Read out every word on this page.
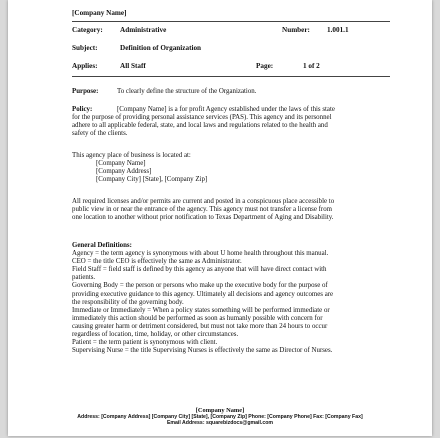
[Company Name]
Category: Administrative	Number: 1.001.1
Subject:	Definition of Organization
Applies:	All Staff	Page:	1 of 2

Purpose:	To clearly define the structure of the Organization.

Policy:	[Company Name] is a for profit Agency established under the laws of this state

for the purpose of providing personal assistance services (PAS). This agency and its personnel

adhere to all applicable federal, state, and local laws and regulations related to the health and

safety of the clients.

This agency place of business is located at:

[Company Name]

[Company Address]

[Company City] [State], [Company Zip]

All required licenses and/or permits are current and posted in a conspicuous place accessible to

public view in or near the entrance of the agency. This agency must not transfer a license from

one location to another without prior notification to Texas Department of Aging and Disability.

General Definitions:

Agency = the term agency is synonymous with about U home health throughout this manual.

CEO = the title CEO is effectively the same as Administrator.

Field Staff = field staff is defined by this agency as anyone that will have direct contact with

patients.

Governing Body = the person or persons who make up the executive body for the purpose of

providing executive guidance to this agency. Ultimately all decisions and agency outcomes are

the responsibility of the governing body.

Immediate or Immediately = When a policy states something will be performed immediate or

immediately this action should be performed as soon as humanly possible with concern for

causing greater harm or detriment considered, but must not take more than 24 hours to occur

regardless of location, time, holiday, or other circumstances.

Patient = the term patient is synonymous with client.

Supervising Nurse = the title Supervising Nurses is effectively the same as Director of Nurses.

[Company Name]
Address: [Company Address] [Company City] [State], [Company Zip] Phone: [Company Phone] Fax: [Company Fax]
Email Address: squarebizdocs@gmail.com
